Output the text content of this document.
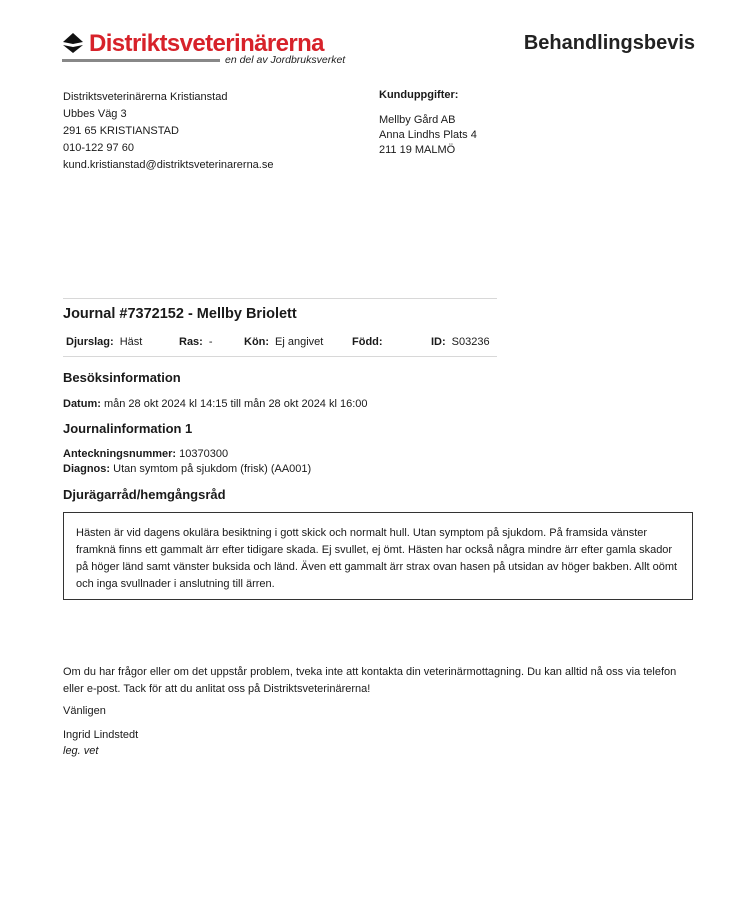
Distriktsveterinärerna
en del av Jordbruksverket
Behandlingsbevis
Distriktsveterinärerna Kristianstad
Ubbes Väg 3
291 65 KRISTIANSTAD
010-122 97 60
kund.kristianstad@distriktsveterinarerna.se
Kunduppgifter:
Mellby Gård AB
Anna Lindhs Plats 4
211 19 MALMÖ
Journal #7372152 - Mellby Briolett
Djurslag: Häst	Ras: -	Kön: Ej angivet	Född:	ID: S03236
Besöksinformation
Datum: mån 28 okt 2024 kl 14:15 till mån 28 okt 2024 kl 16:00
Journalinformation 1
Anteckningsnummer: 10370300
Diagnos: Utan symtom på sjukdom (frisk) (AA001)
Djurägarråd/hemgångsråd
Hästen är vid dagens okulära besiktning i gott skick och normalt hull. Utan symptom på sjukdom. På framsida vänster framknä finns ett gammalt ärr efter tidigare skada. Ej svullet, ej ömt. Hästen har också några mindre ärr efter gamla skador på höger länd samt vänster buksida och länd. Även ett gammalt ärr strax ovan hasen på utsidan av höger bakben. Allt oömt och inga svullnader i anslutning till ärren.
Om du har frågor eller om det uppstår problem, tveka inte att kontakta din veterinärmottagning. Du kan alltid nå oss via telefon eller e-post. Tack för att du anlitat oss på Distriktsveterinärerna!
Vänligen
Ingrid Lindstedt
leg. vet
